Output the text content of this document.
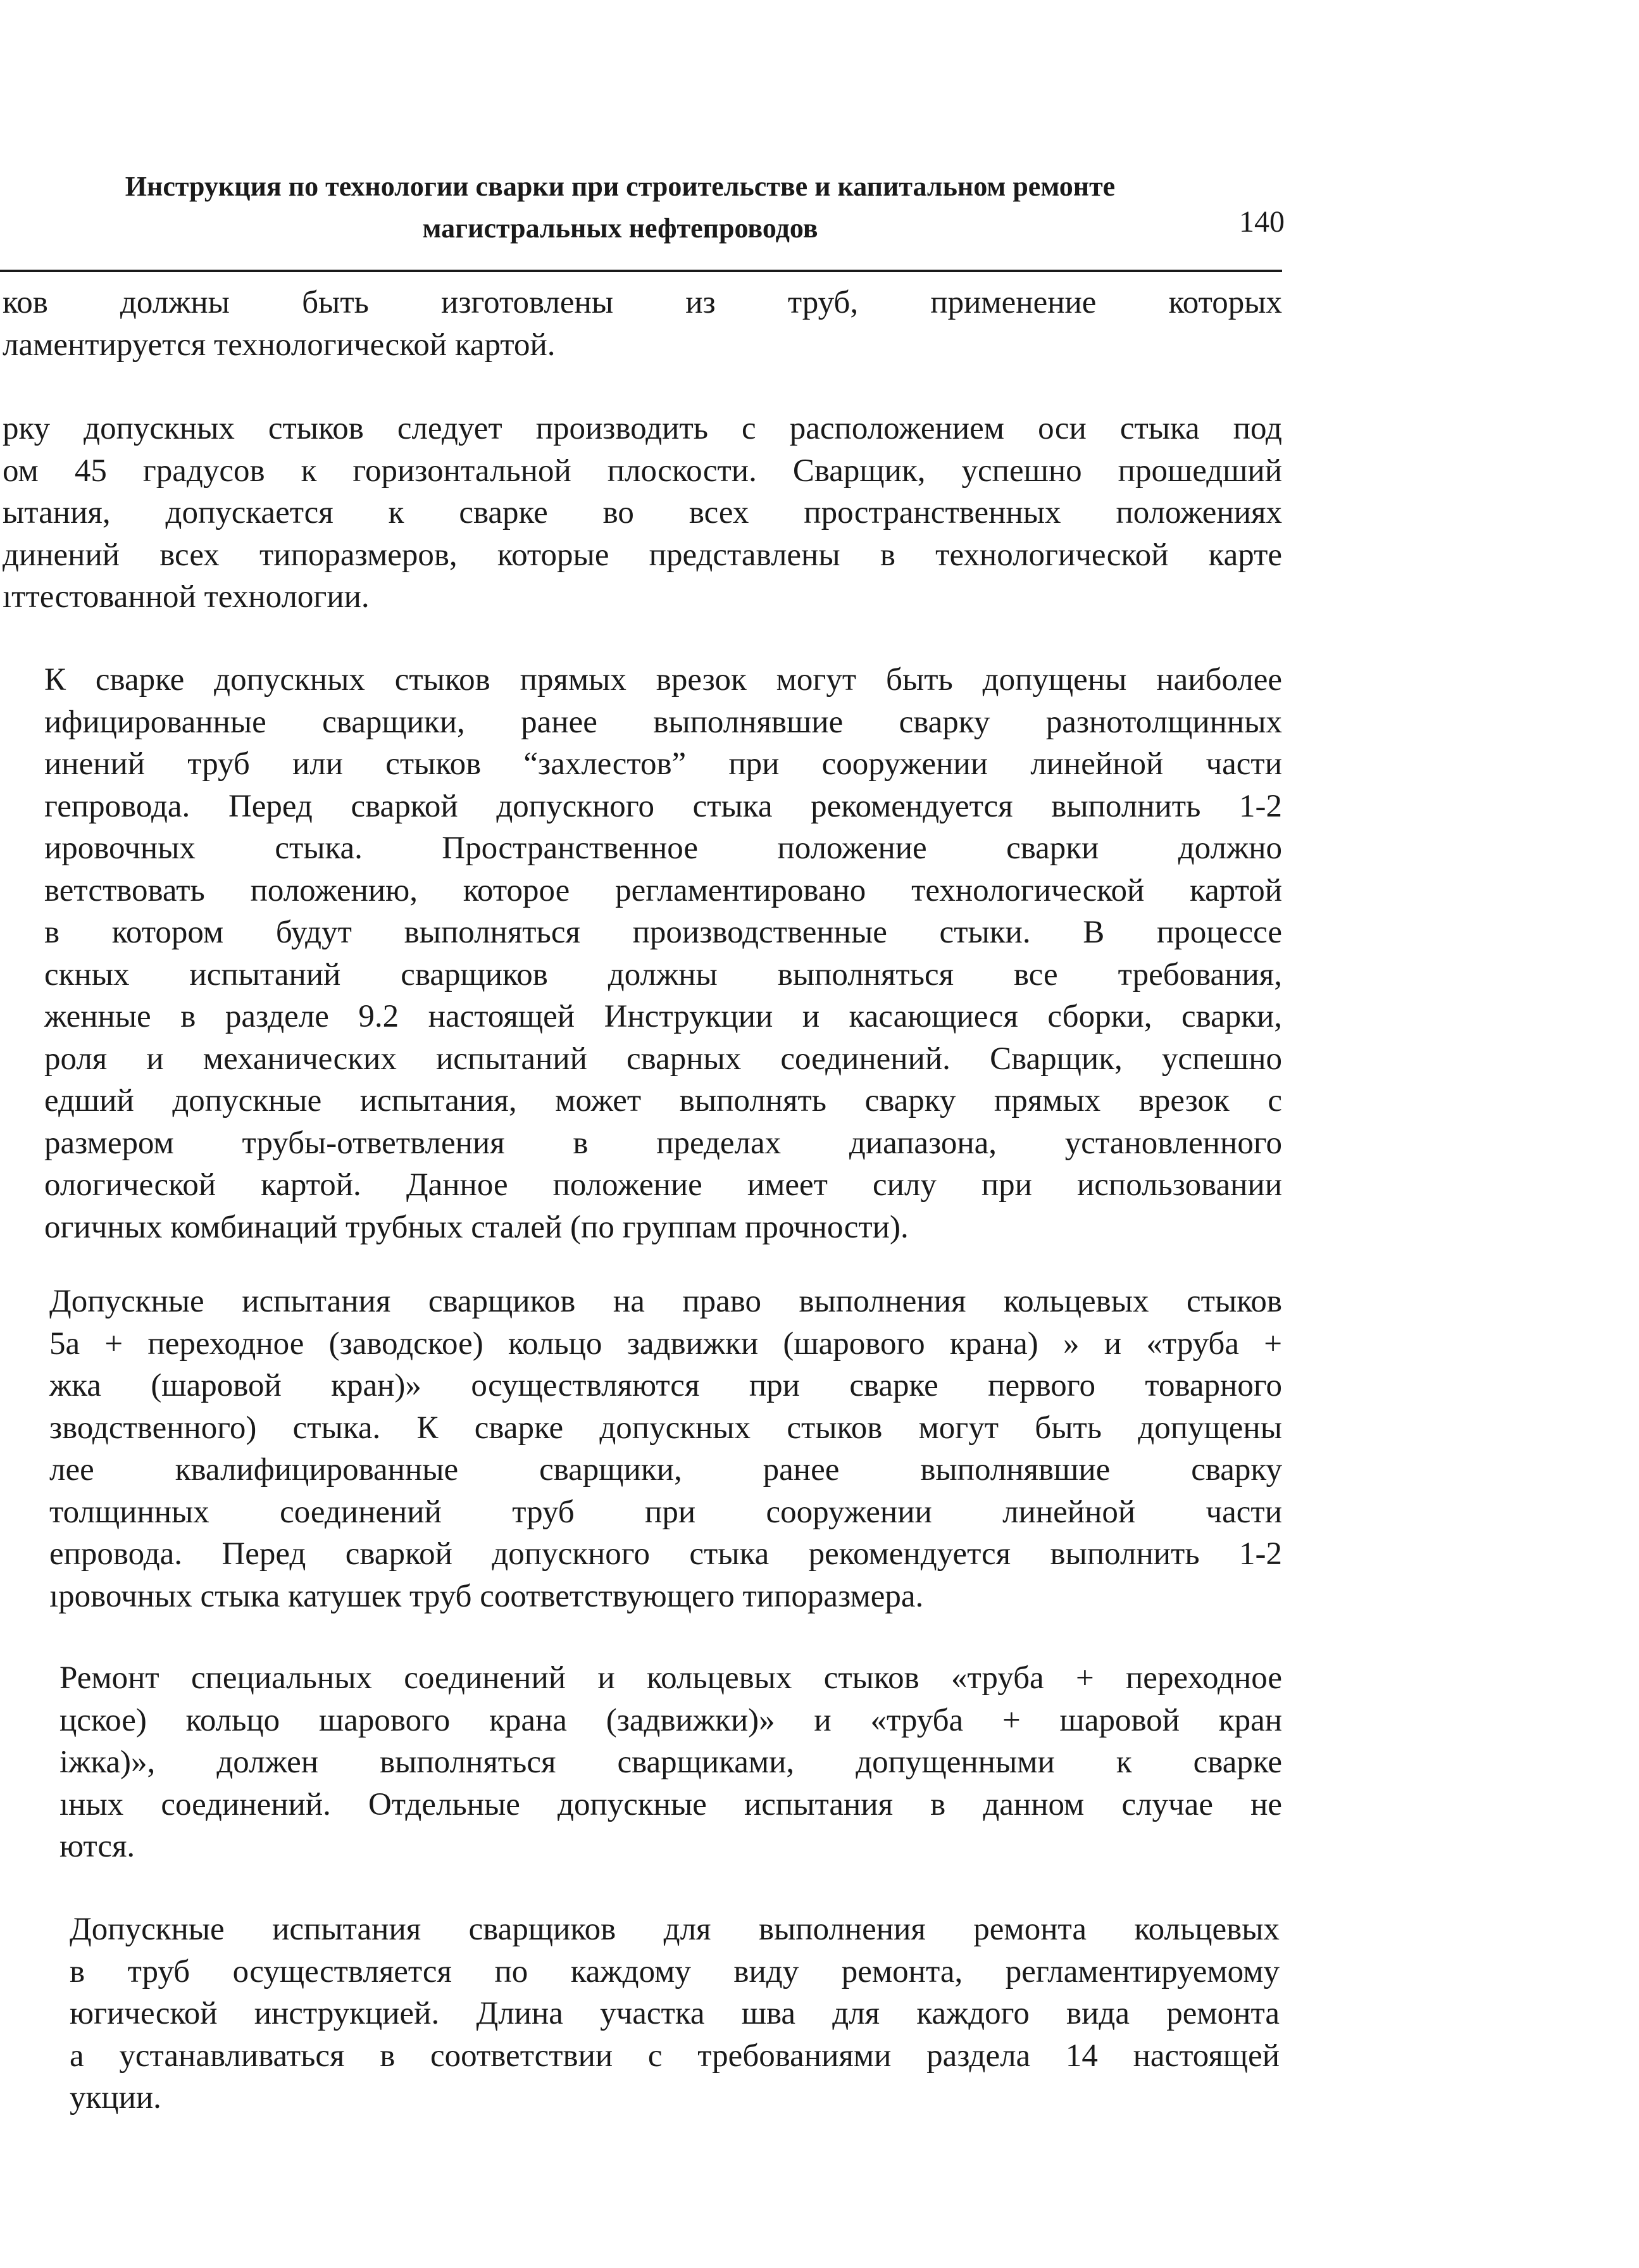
Инструкция по технологии сварки при строительстве и капитальном ремонте
магистральных нефтепроводов	140
ков должны быть изготовлены из труб, применение которых
ламентируется технологической картой.
рку допускных стыков следует производить с расположением оси стыка под
ом 45 градусов к горизонтальной плоскости. Сварщик, успешно прошедший
ытания, допускается к сварке во всех пространственных положениях
динений всех типоразмеров, которые представлены в технологической карте
ıттестованной технологии.
К сварке допускных стыков прямых врезок могут быть допущены наиболее
ифицированные сварщики, ранее выполнявшие сварку разнотолщинных
инений труб или стыков “захлестов” при сооружении линейной части
гепровода. Перед сваркой допускного стыка рекомендуется выполнить 1-2
ировочных стыка. Пространственное положение сварки должно
ветствовать положению, которое регламентировано технологической картой
в котором будут выполняться производственные стыки. В процессе
скных испытаний сварщиков должны выполняться все требования,
женные в разделе 9.2 настоящей Инструкции и касающиеся сборки, сварки,
роля и механических испытаний сварных соединений. Сварщик, успешно
едший допускные испытания, может выполнять сварку прямых врезок с
размером трубы-ответвления в пределах диапазона, установленного
ологической картой. Данное положение имеет силу при использовании
огичных комбинаций трубных сталей (по группам прочности).
Допускные испытания сварщиков на право выполнения кольцевых стыков
5а + переходное (заводское) кольцо задвижки (шарового крана) » и «труба +
жка (шаровой кран)» осуществляются при сварке первого товарного
зводственного) стыка. К сварке допускных стыков могут быть допущены
лее квалифицированные сварщики, ранее выполнявшие сварку
толщинных соединений труб при сооружении линейной части
епровода. Перед сваркой допускного стыка рекомендуется выполнить 1-2
ıровочных стыка катушек труб соответствующего типоразмера.
Ремонт специальных соединений и кольцевых стыков «труба + переходное
цское) кольцо шарового крана (задвижки)» и «труба + шаровой кран
іжка)», должен выполняться сварщиками, допущенными к сварке
ıных соединений. Отдельные допускные испытания в данном случае не
ются.
Допускные испытания сварщиков для выполнения ремонта кольцевых
в труб осуществляется по каждому виду ремонта, регламентируемому
югической инструкцией. Длина участка шва для каждого вида ремонта
а устанавливаться в соответствии с требованиями раздела 14 настоящей
укции.
